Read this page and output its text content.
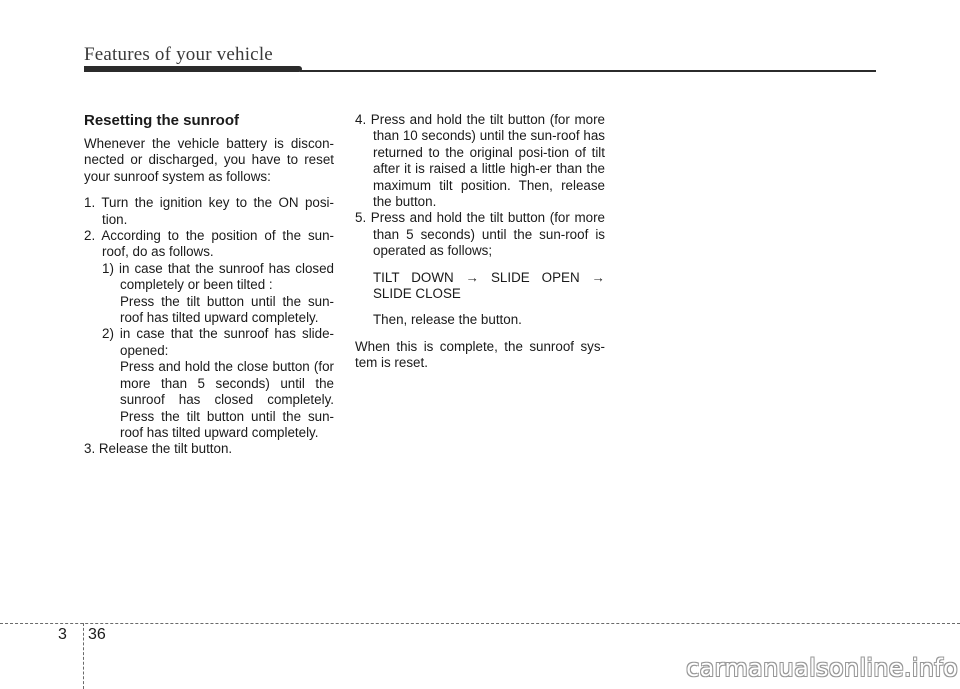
Features of your vehicle
Resetting the sunroof

Whenever the vehicle battery is discon-nected or discharged, you have to reset your sunroof system as follows:

1. Turn the ignition key to the ON posi-tion.

2. According to the position of the sun-roof, do as follows.

1) in case that the sunroof has closed completely or been tilted :

Press the tilt button until the sun-roof has tilted upward completely.

2) in case that the sunroof has slide-opened:

Press and hold the close button (for more than 5 seconds) until the sunroof has closed completely. Press the tilt button until the sun-roof has tilted upward completely.

3. Release the tilt button.

4. Press and hold the tilt button (for more than 10 seconds) until the sun-roof has returned to the original posi-tion of tilt after it is raised a little high-er than the maximum tilt position. Then, release the button.

5. Press and hold the tilt button (for more than 5 seconds) until the sun-roof is operated as follows;

TILT DOWN → SLIDE OPEN → SLIDE CLOSE

Then, release the button.

When this is complete, the sunroof sys-tem is reset.

3 36
carmanualsonline.info
